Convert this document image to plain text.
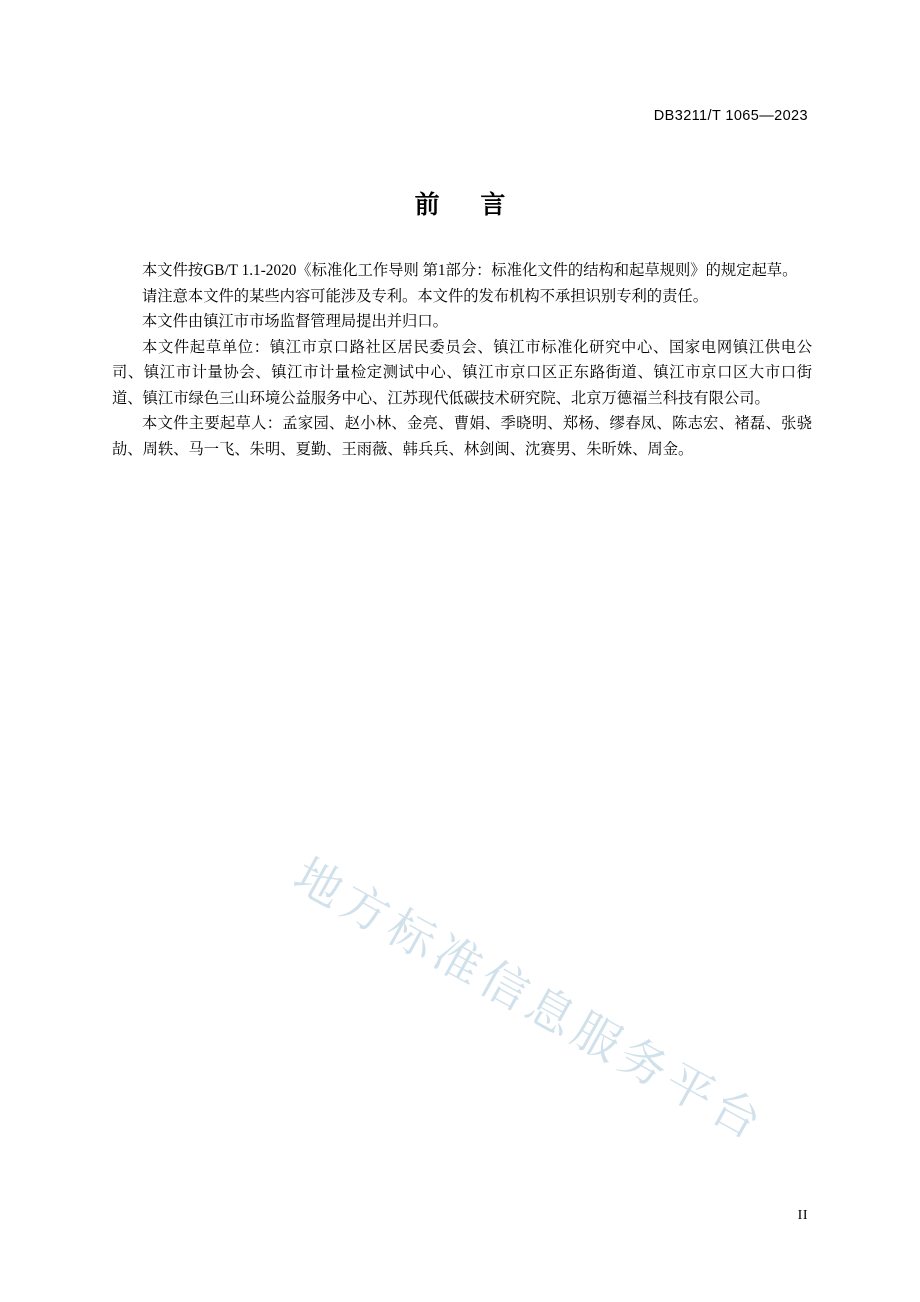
DB3211/T 1065—2023
前 言

本文件按GB/T 1.1-2020《标准化工作导则 第1部分：标准化文件的结构和起草规则》的规定起草。

请注意本文件的某些内容可能涉及专利。本文件的发布机构不承担识别专利的责任。

本文件由镇江市市场监督管理局提出并归口。

本文件起草单位：镇江市京口路社区居民委员会、镇江市标准化研究中心、国家电网镇江供电公司、镇江市计量协会、镇江市计量检定测试中心、镇江市京口区正东路街道、镇江市京口区大市口街道、镇江市绿色三山环境公益服务中心、江苏现代低碳技术研究院、北京万德福兰科技有限公司。

本文件主要起草人：孟家园、赵小林、金亮、曹娟、季晓明、郑杨、缪春凤、陈志宏、褚磊、张骁劼、周轶、马一飞、朱明、夏勤、王雨薇、韩兵兵、林剑闽、沈赛男、朱昕姝、周金。

地方标准信息服务平台
II
